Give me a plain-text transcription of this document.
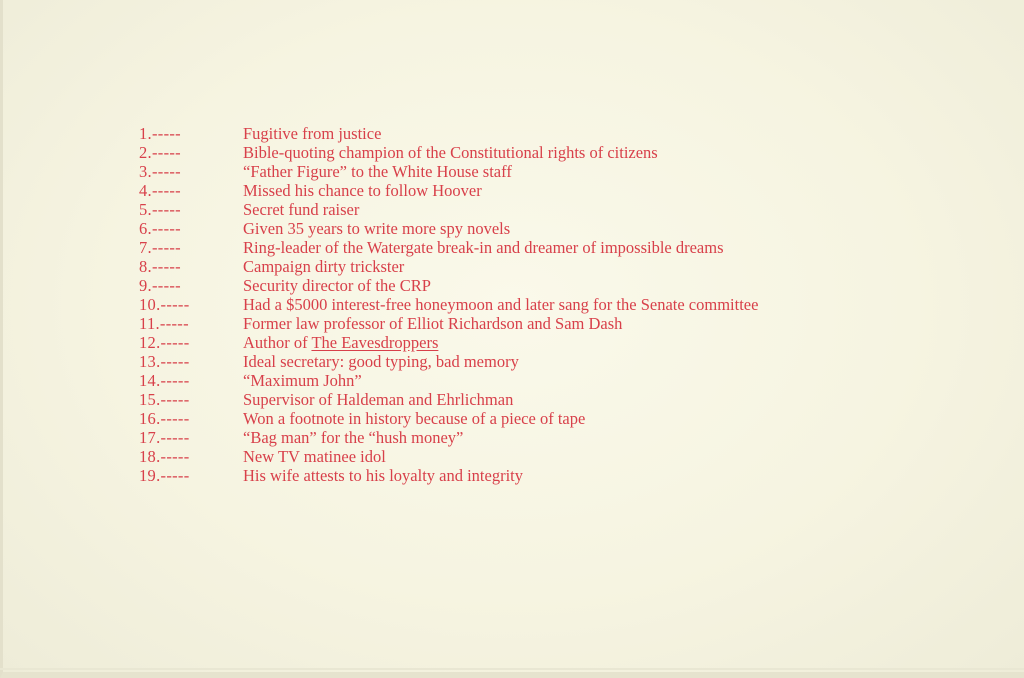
1.-----	Fugitive from justice
2.-----	Bible-quoting champion of the Constitutional rights of citizens
3.-----	“Father Figure” to the White House staff
4.-----	Missed his chance to follow Hoover
5.-----	Secret fund raiser
6.-----	Given 35 years to write more spy novels
7.-----	Ring-leader of the Watergate break-in and dreamer of impossible dreams
8.-----	Campaign dirty trickster
9.-----	Security director of the CRP
10.-----	Had a $5000 interest-free honeymoon and later sang for the Senate committee
11.-----	Former law professor of Elliot Richardson and Sam Dash
12.-----	Author of The Eavesdroppers
13.-----	Ideal secretary: good typing, bad memory
14.-----	“Maximum John”
15.-----	Supervisor of Haldeman and Ehrlichman
16.-----	Won a footnote in history because of a piece of tape
17.-----	“Bag man” for the “hush money”
18.-----	New TV matinee idol
19.-----	His wife attests to his loyalty and integrity
